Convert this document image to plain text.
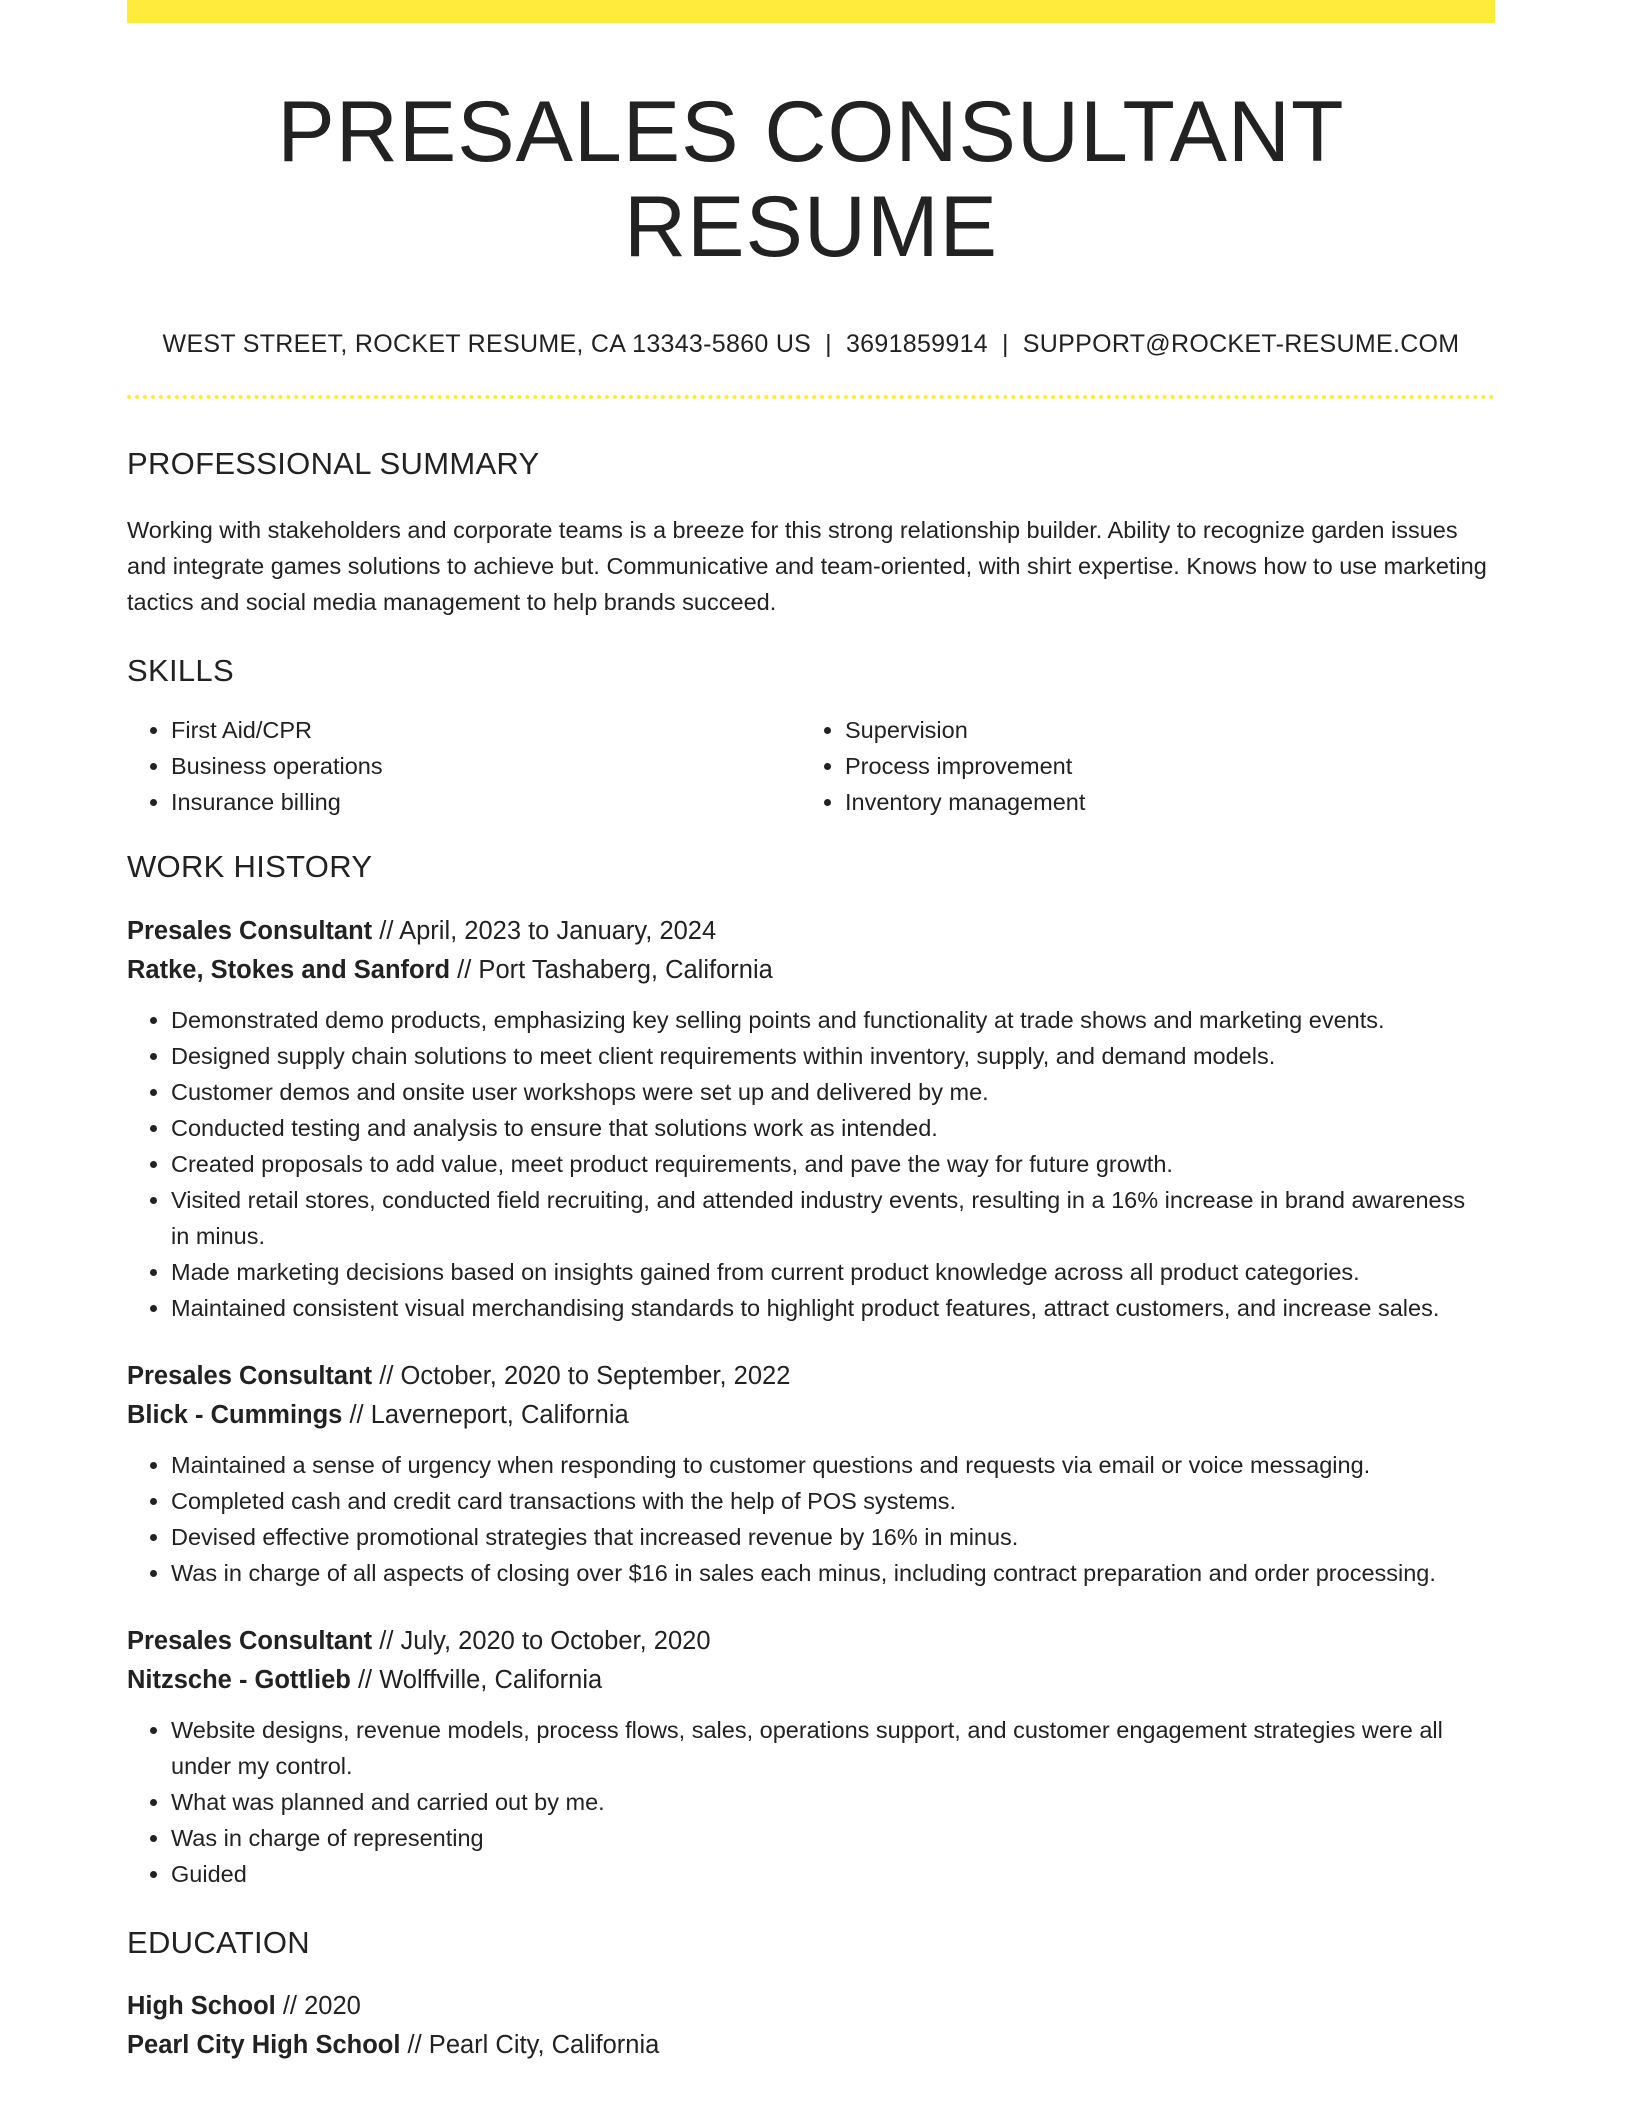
PRESALES CONSULTANT RESUME
WEST STREET, ROCKET RESUME, CA 13343-5860 US | 3691859914 | SUPPORT@ROCKET-RESUME.COM
PROFESSIONAL SUMMARY
Working with stakeholders and corporate teams is a breeze for this strong relationship builder. Ability to recognize garden issues and integrate games solutions to achieve but. Communicative and team-oriented, with shirt expertise. Knows how to use marketing tactics and social media management to help brands succeed.
SKILLS
• First Aid/CPR
• Business operations
• Insurance billing
• Supervision
• Process improvement
• Inventory management
WORK HISTORY
Presales Consultant // April, 2023 to January, 2024
Ratke, Stokes and Sanford // Port Tashaberg, California
• Demonstrated demo products, emphasizing key selling points and functionality at trade shows and marketing events.
• Designed supply chain solutions to meet client requirements within inventory, supply, and demand models.
• Customer demos and onsite user workshops were set up and delivered by me.
• Conducted testing and analysis to ensure that solutions work as intended.
• Created proposals to add value, meet product requirements, and pave the way for future growth.
• Visited retail stores, conducted field recruiting, and attended industry events, resulting in a 16% increase in brand awareness in minus.
• Made marketing decisions based on insights gained from current product knowledge across all product categories.
• Maintained consistent visual merchandising standards to highlight product features, attract customers, and increase sales.
Presales Consultant // October, 2020 to September, 2022
Blick - Cummings // Laverneport, California
• Maintained a sense of urgency when responding to customer questions and requests via email or voice messaging.
• Completed cash and credit card transactions with the help of POS systems.
• Devised effective promotional strategies that increased revenue by 16% in minus.
• Was in charge of all aspects of closing over $16 in sales each minus, including contract preparation and order processing.
Presales Consultant // July, 2020 to October, 2020
Nitzsche - Gottlieb // Wolffville, California
• Website designs, revenue models, process flows, sales, operations support, and customer engagement strategies were all under my control.
• What was planned and carried out by me.
• Was in charge of representing
• Guided
EDUCATION
High School // 2020
Pearl City High School // Pearl City, California
